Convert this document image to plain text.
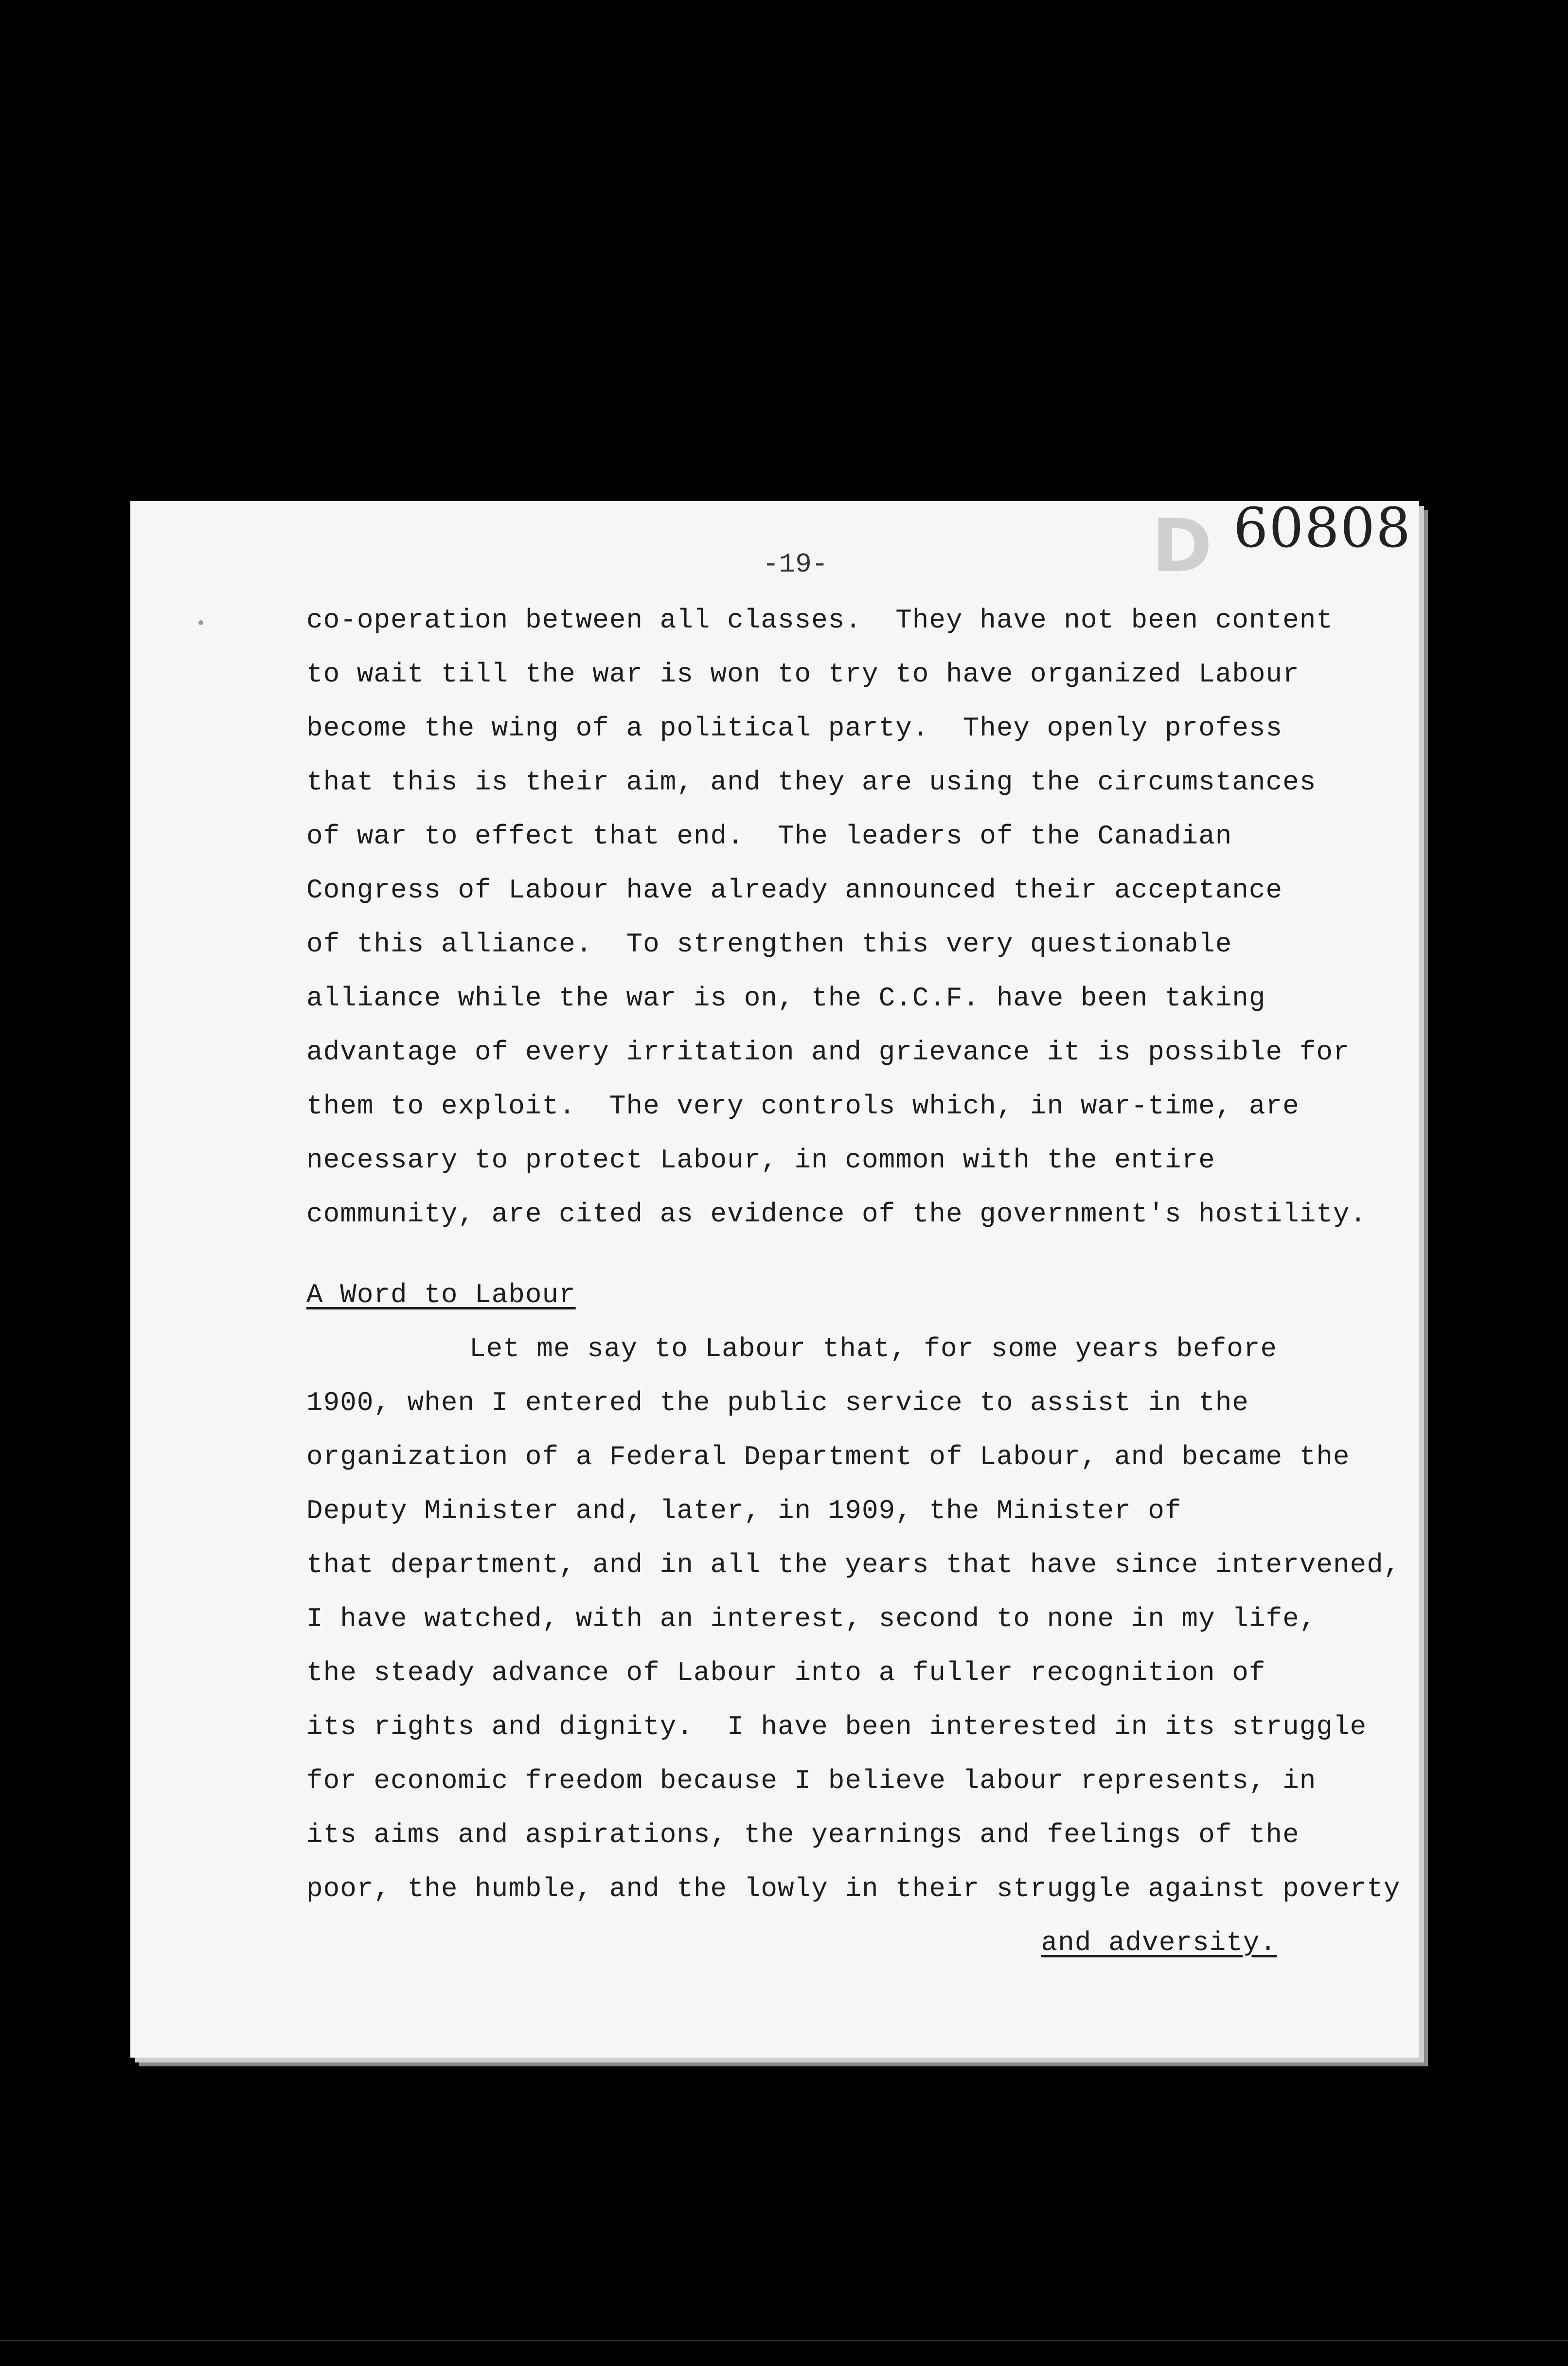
D 60808
-19-
co-operation between all classes.  They have not been content
to wait till the war is won to try to have organized Labour
become the wing of a political party.  They openly profess
that this is their aim, and they are using the circumstances
of war to effect that end.  The leaders of the Canadian
Congress of Labour have already announced their acceptance
of this alliance.  To strengthen this very questionable
alliance while the war is on, the C.C.F. have been taking
advantage of every irritation and grievance it is possible for
them to exploit.  The very controls which, in war-time, are
necessary to protect Labour, in common with the entire
community, are cited as evidence of the government's hostility.
A Word to Labour
Let me say to Labour that, for some years before
1900, when I entered the public service to assist in the
organization of a Federal Department of Labour, and became the
Deputy Minister and, later, in 1909, the Minister of
that department, and in all the years that have since intervened,
I have watched, with an interest, second to none in my life,
the steady advance of Labour into a fuller recognition of
its rights and dignity.  I have been interested in its struggle
for economic freedom because I believe labour represents, in
its aims and aspirations, the yearnings and feelings of the
poor, the humble, and the lowly in their struggle against poverty
and adversity.
